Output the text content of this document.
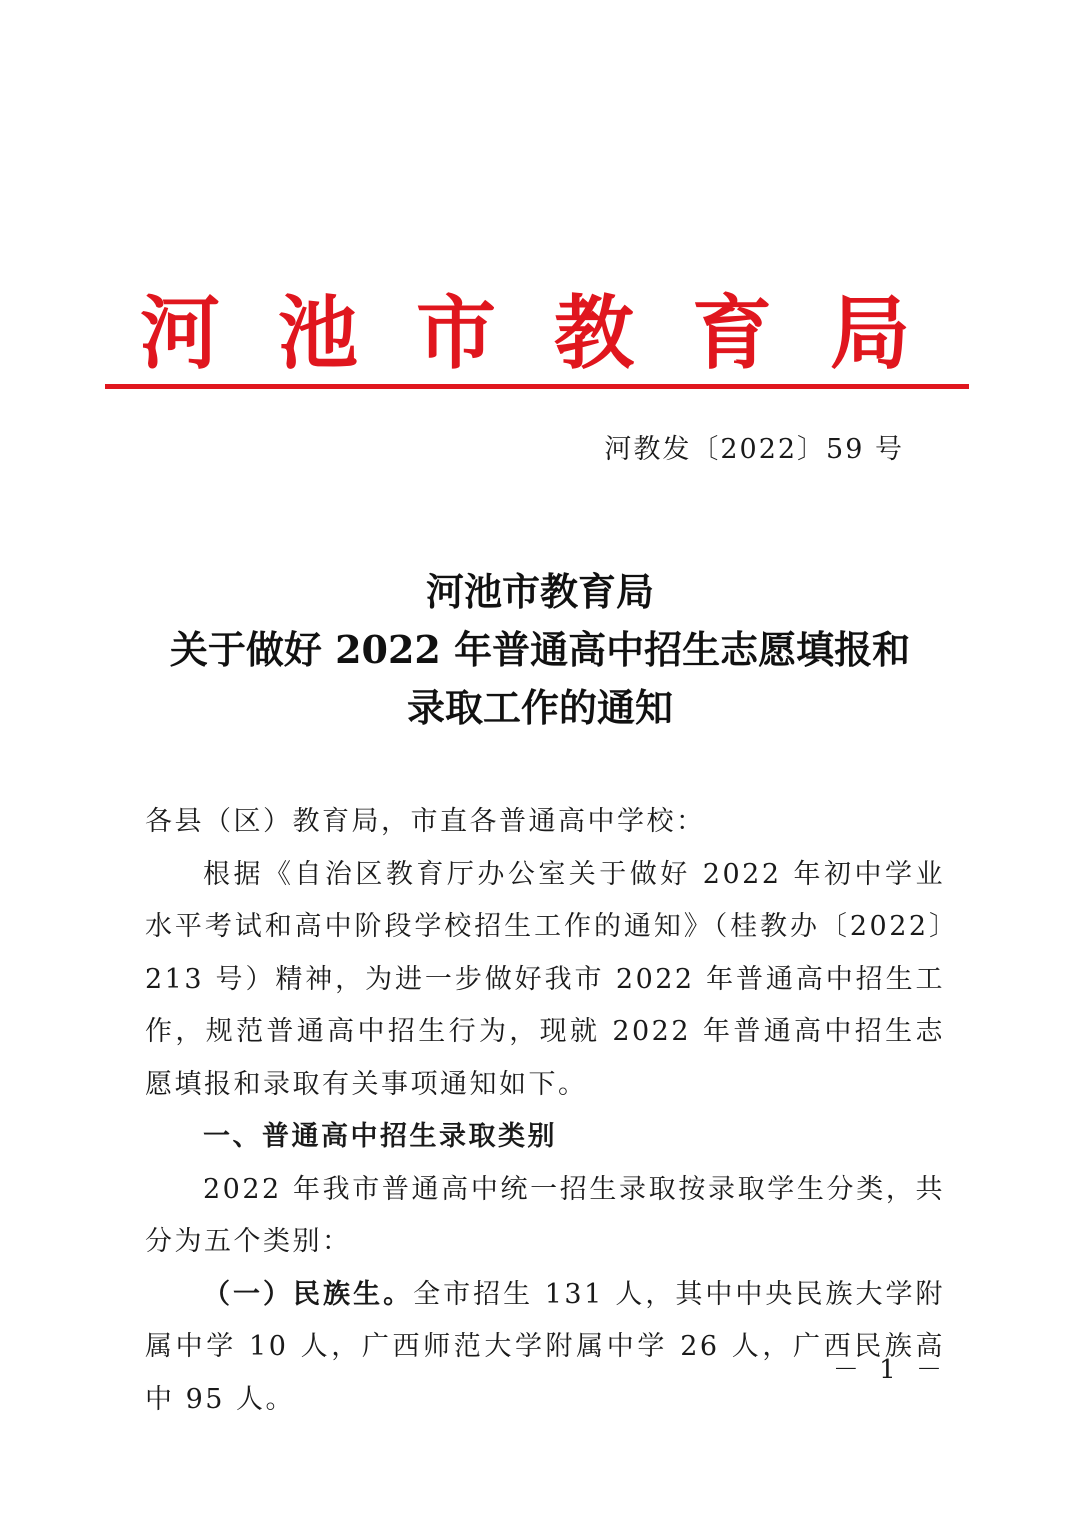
河池市教育局
河教发〔2022〕59 号
河池市教育局
关于做好 2022 年普通高中招生志愿填报和
录取工作的通知

各县（区）教育局，市直各普通高中学校：

根据《自治区教育厅办公室关于做好 2022 年初中学业水平考试和高中阶段学校招生工作的通知》（桂教办〔2022〕213 号）精神，为进一步做好我市 2022 年普通高中招生工作，规范普通高中招生行为，现就 2022 年普通高中招生志愿填报和录取有关事项通知如下。

一、普通高中招生录取类别

2022 年我市普通高中统一招生录取按录取学生分类，共分为五个类别：

（一）民族生。全市招生 131 人，其中中央民族大学附属中学 10 人，广西师范大学附属中学 26 人，广西民族高中 95 人。

－ 1 －
